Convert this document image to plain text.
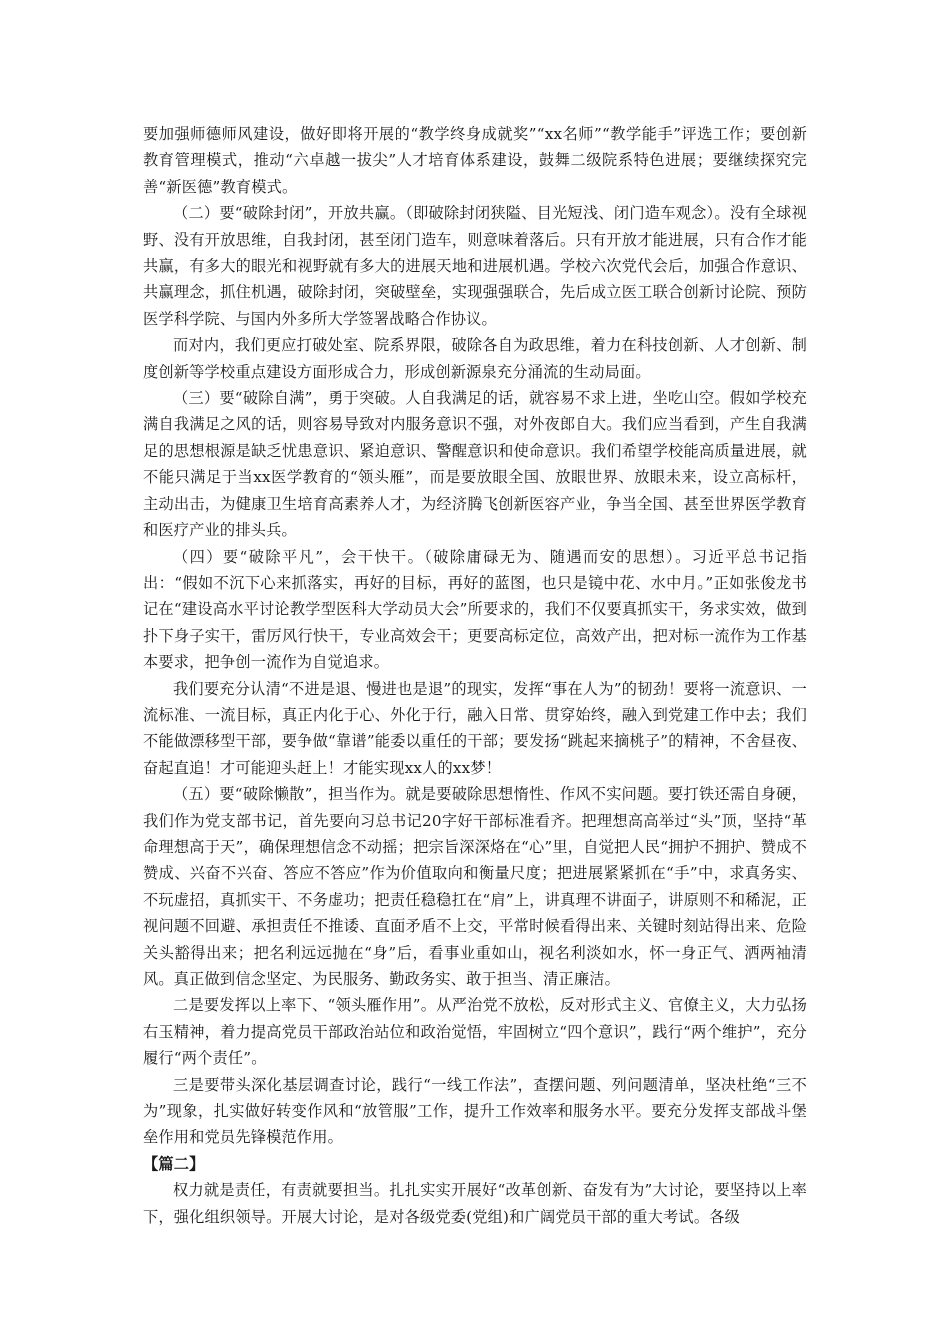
要加强师德师风建设，做好即将开展的“教学终身成就奖”“xx名师”“教学能手”评选工作；要创新教育管理模式，推动“六卓越一拔尖”人才培育体系建设，鼓舞二级院系特色进展；要继续探究完善“新医德”教育模式。

（二）要“破除封闭”，开放共赢。（即破除封闭狭隘、目光短浅、闭门造车观念）。没有全球视野、没有开放思维，自我封闭，甚至闭门造车，则意味着落后。只有开放才能进展，只有合作才能共赢，有多大的眼光和视野就有多大的进展天地和进展机遇。学校六次党代会后，加强合作意识、共赢理念，抓住机遇，破除封闭，突破壁垒，实现强强联合，先后成立医工联合创新讨论院、预防医学科学院、与国内外多所大学签署战略合作协议。

而对内，我们更应打破处室、院系界限，破除各自为政思维，着力在科技创新、人才创新、制度创新等学校重点建设方面形成合力，形成创新源泉充分涌流的生动局面。

（三）要“破除自满”，勇于突破。人自我满足的话，就容易不求上进，坐吃山空。假如学校充满自我满足之风的话，则容易导致对内服务意识不强，对外夜郎自大。我们应当看到，产生自我满足的思想根源是缺乏忧患意识、紧迫意识、警醒意识和使命意识。我们希望学校能高质量进展，就不能只满足于当xx医学教育的“领头雁”，而是要放眼全国、放眼世界、放眼未来，设立高标杆，主动出击，为健康卫生培育高素养人才，为经济腾飞创新医容产业，争当全国、甚至世界医学教育和医疗产业的排头兵。

（四）要“破除平凡”，会干快干。（破除庸碌无为、随遇而安的思想）。习近平总书记指出：“假如不沉下心来抓落实，再好的目标，再好的蓝图，也只是镜中花、水中月。”正如张俊龙书记在“建设高水平讨论教学型医科大学动员大会”所要求的，我们不仅要真抓实干，务求实效，做到扑下身子实干，雷厉风行快干，专业高效会干；更要高标定位，高效产出，把对标一流作为工作基本要求，把争创一流作为自觉追求。

我们要充分认清“不进是退、慢进也是退”的现实，发挥“事在人为”的韧劲！要将一流意识、一流标准、一流目标，真正内化于心、外化于行，融入日常、贯穿始终，融入到党建工作中去；我们不能做漂移型干部，要争做“靠谱”能委以重任的干部；要发扬“跳起来摘桃子”的精神，不舍昼夜、奋起直追！才可能迎头赶上！才能实现xx人的xx梦！

（五）要“破除懒散”，担当作为。就是要破除思想惰性、作风不实问题。要打铁还需自身硬，我们作为党支部书记，首先要向习总书记20字好干部标准看齐。把理想高高举过“头”顶，坚持“革命理想高于天”，确保理想信念不动摇；把宗旨深深烙在“心”里，自觉把人民“拥护不拥护、赞成不赞成、兴奋不兴奋、答应不答应”作为价值取向和衡量尺度；把进展紧紧抓在“手”中，求真务实、不玩虚招，真抓实干、不务虚功；把责任稳稳扛在“肩”上，讲真理不讲面子，讲原则不和稀泥，正视问题不回避、承担责任不推诿、直面矛盾不上交，平常时候看得出来、关键时刻站得出来、危险关头豁得出来；把名利远远抛在“身”后，看事业重如山，视名利淡如水，怀一身正气、洒两袖清风。真正做到信念坚定、为民服务、勤政务实、敢于担当、清正廉洁。

二是要发挥以上率下、“领头雁作用”。从严治党不放松，反对形式主义、官僚主义，大力弘扬右玉精神，着力提高党员干部政治站位和政治觉悟，牢固树立“四个意识”，践行“两个维护”，充分履行“两个责任”。

三是要带头深化基层调查讨论，践行“一线工作法”，查摆问题、列问题清单，坚决杜绝“三不为”现象，扎实做好转变作风和“放管服”工作，提升工作效率和服务水平。要充分发挥支部战斗堡垒作用和党员先锋模范作用。

【篇二】

权力就是责任，有责就要担当。扎扎实实开展好“改革创新、奋发有为”大讨论，要坚持以上率下，强化组织领导。开展大讨论，是对各级党委(党组)和广阔党员干部的重大考试。各级
